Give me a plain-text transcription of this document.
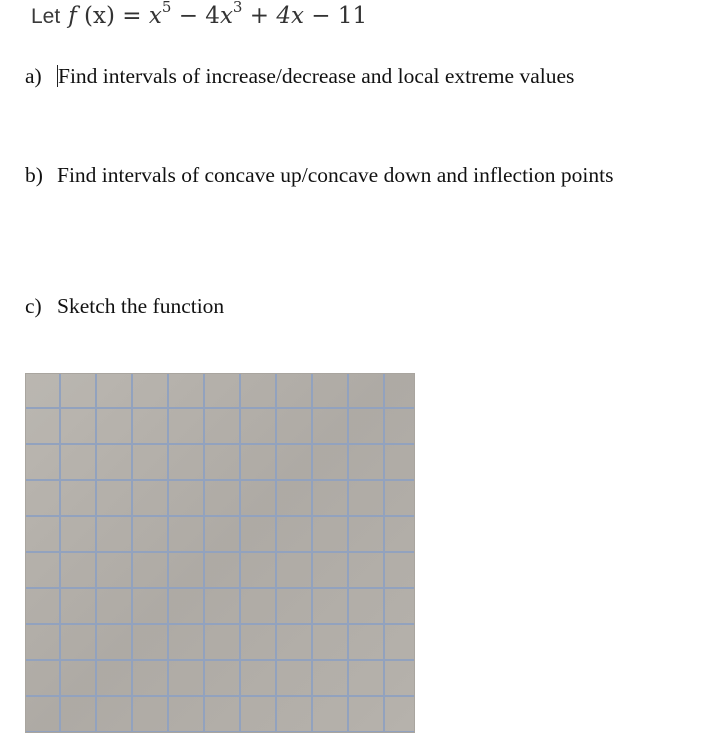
Let f $(x) = x^5 - 4x^3 + 4x - 11$
a) Find intervals of increase/decrease and local extreme values
b) Find intervals of concave up/concave down and inflection points
c) Sketch the function
